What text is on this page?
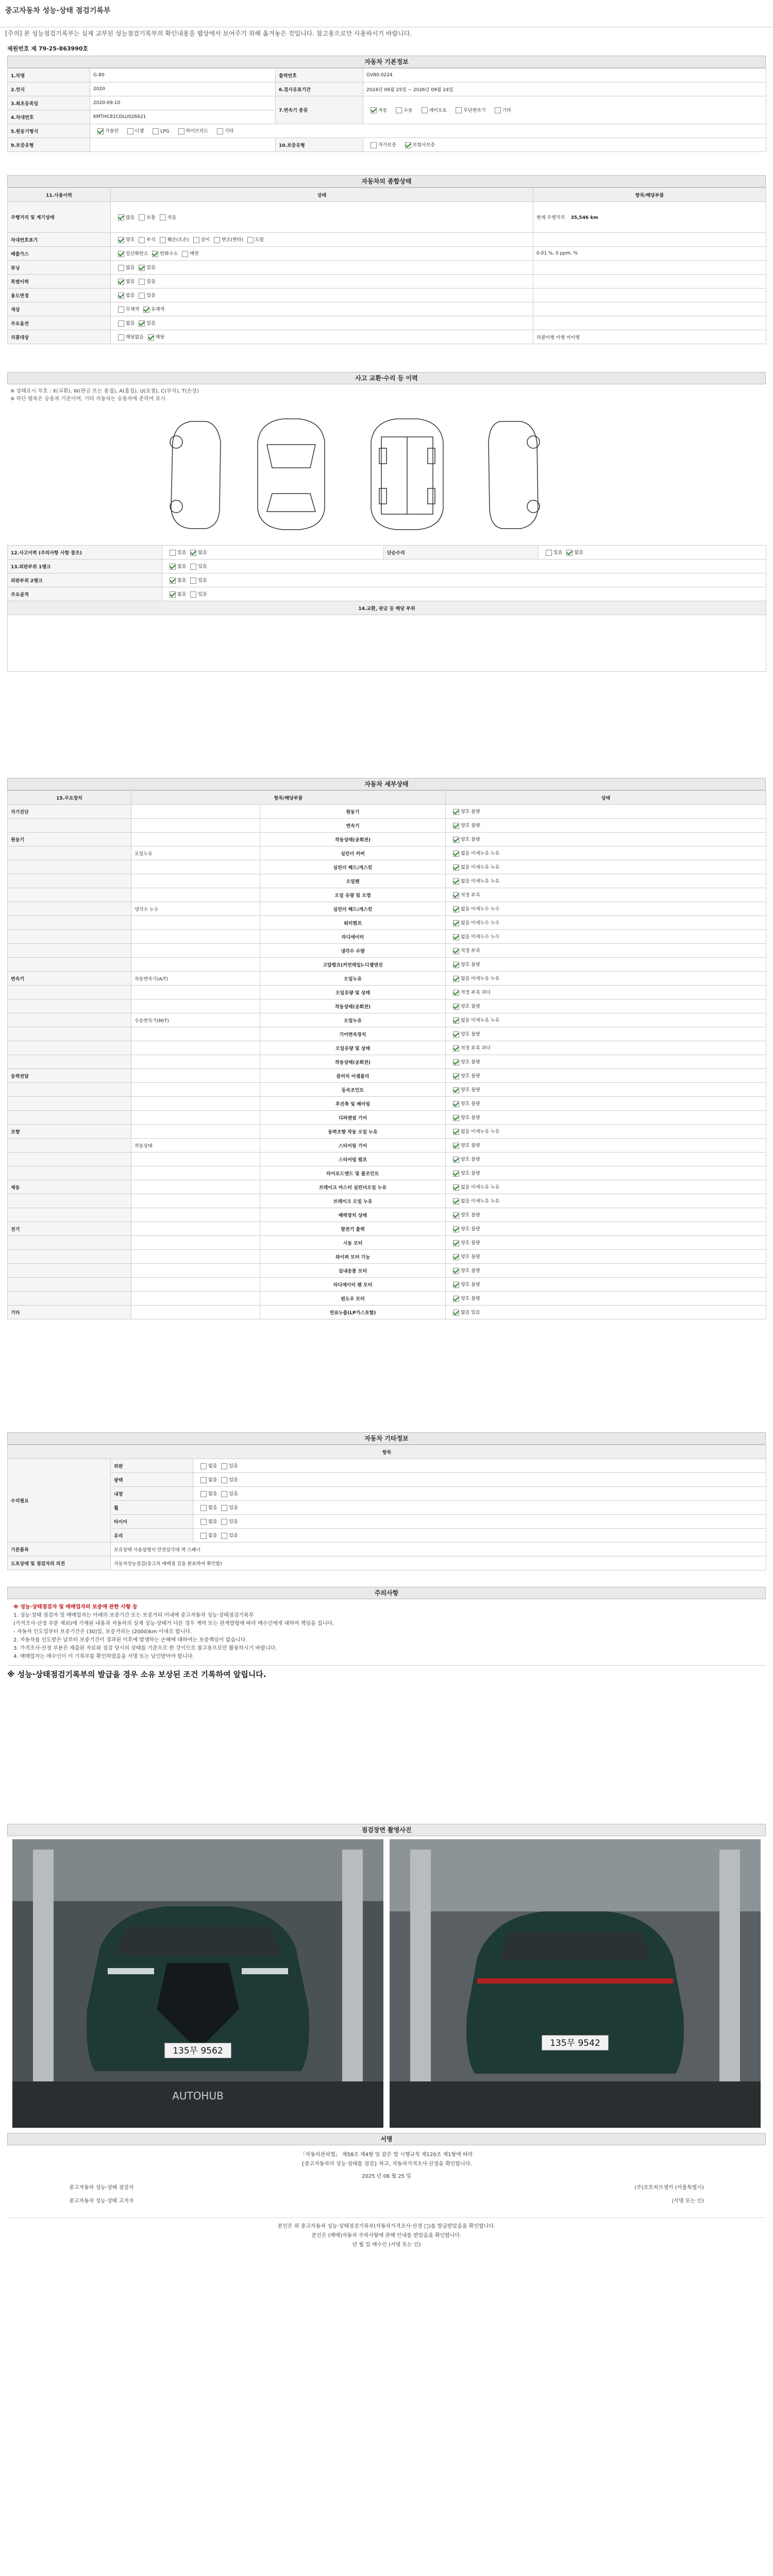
중고자동차 성능·상태 점검기록부
[주의] 본 성능점검기록부는 실제 교부된 성능점검기록부의 확인내용을 웹상에서 보여주기 위해 옮겨놓은 것입니다. 참고용으로만 사용하시기 바랍니다.
제원번호 제 79-25-863990호
자동차 기본정보
1.차명	G-80	출력번호	GV80-0224
2.연식	2020	6.검사유효기간	2024년 09월 25일 ~ 2026년 09월 24일
3.최초등록일	2020-09-10	7.변속기 종류	자동 수동 세미오토 무단변속기 기타
4.차대번호	KMTHC81CDLU026621		
5.원동기형식	가솔린 디젤 LPG 하이브리드 기타		
9.보증유형		10.보증유형	자가보증 보험사보증
자동차의 종합상태
11.사용이력	상태	항목/해당부품
주행거리 및 계기상태	많음 보통 적음	현재 주행거리 35,546 km
차대번호표기	양호 부식 훼손(오손) 상이 변조(변타) 도말	
배출가스	일산화탄소 탄화수소 매연	0.01 %, 0 ppm, %
튜닝	없음 있음	
특별이력	없음 있음	
용도변경	없음 있음	
색상	무채색 유채색	
주요옵션	없음 있음	
리콜대상	해당없음 해당	리콜이행 이행 미이행
사고 교환·수리 등 이력
※ 상태표시 부호 : X(교환), W(판금 또는 용접), A(흠집), U(요철), C(부식), T(손상)
※ 하단 항목은 승용차 기준이며, 기타 자동차는 승용차에 준하여 표시
12.사고이력 (주의사항 사항 참조)	있음 없음	단순수리	있음 없음
13.외판부위 1랭크	없음 있음		
외판부위 2랭크	없음 있음		
주요골격	없음 있음		
14.교환, 판금 등 해당 부위			

자동차 세부상태
15.주요장치	항목/해당부품		상태
자기진단		원동기	양호 불량
		변속기	양호 불량
원동기		작동상태(공회전)	양호 불량
	오일누유	실린더 커버	없음 미세누유 누유
		실린더 헤드/개스킷	없음 미세누유 누유
		오일팬	없음 미세누유 누유
		오일 유량 및 오염	적정 부족
	냉각수 누수	실린더 헤드/개스킷	없음 미세누수 누수
		워터펌프	없음 미세누수 누수
		라디에이터	없음 미세누수 누수
		냉각수 수량	적정 부족
		고압펌프(커먼레일)-디젤엔진	양호 불량
변속기	자동변속기(A/T)	오일누유	없음 미세누유 누유
		오일유량 및 상태	적정 부족 과다
		작동상태(공회전)	양호 불량
	수동변속기(M/T)	오일누유	없음 미세누유 누유
		기어변속장치	양호 불량
		오일유량 및 상태	적정 부족 과다
		작동상태(공회전)	양호 불량
동력전달		클러치 어셈블리	양호 불량
		등속조인트	양호 불량
		추진축 및 베어링	양호 불량
		디퍼렌셜 기어	양호 불량
조향		동력조향 작동 오일 누유	없음 미세누유 누유
	작동상태	스티어링 기어	양호 불량
		스티어링 펌프	양호 불량
		타이로드엔드 및 볼조인트	양호 불량
제동		브레이크 마스터 실린더오일 누유	없음 미세누유 누유
		브레이크 오일 누유	없음 미세누유 누유
		배력장치 상태	양호 불량
전기		발전기 출력	양호 불량
		시동 모터	양호 불량
		와이퍼 모터 기능	양호 불량
		실내송풍 모터	양호 불량
		라디에이터 팬 모터	양호 불량
		윈도우 모터	양호 불량
기타		연료누출(LP가스포함)	없음 있음
자동차 기타정보
항목		
수리필요	외판	없음 있음
	광택	없음 있음
	내장	없음 있음
	휠	없음 있음
	타이어	없음 있음
	유리	없음 있음
기본품목	보유상태 사용설명서 안전삼각대 잭 스패너	
도포상태 및 점검자의 의견	자동차성능점검(중고차 매매점 검을 완료하여 확인함)	
주의사항
※ 성능·상태점검자 및 매매업자의 보증에 관한 사항 등
1. 성능·상태 점검자 및 매매업자는 아래의 보증기간 또는 보증거리 이내에 중고자동차 성능·상태점검기록부
(가격조사·산정 부분 제외)에 기재된 내용과 자동차의 실제 성능·상태가 다른 경우 계약 또는 관계법령에 따라 매수인에게 대하여 책임을 집니다.
- 자동차 인도일부터 보증기간은 (30)일, 보증거리는 (2000)km 이내로 합니다.
2. 자동차를 인도받은 날부터 보증기간이 경과된 이후에 발생하는 손해에 대하여는 보증책임이 없습니다.
3. 가격조사·산정 부분은 제출된 자료와 점검 당시의 상태를 기준으로 한 것이므로 참고용으로만 활용하시기 바랍니다.
4. 매매업자는 매수인이 이 기록부를 확인하였음을 서명 또는 날인받아야 합니다.
※ 성능·상태점검기록부의 발급을 경우 소유 보상된 조건 기록하여 알립니다.
점검장면 촬영사진
135무 9562
AUTOHUB
135무 9542
서명
「자동차관리법」 제58조 제4항 및 같은 법 시행규칙 제120조 제1항에 따라
{중고자동차의 성능·상태를 점검} 하고, 자동차가격조사·산정을 확인합니다.
2025 년 06 월 25 일
중고자동차 성능·상태 점검자	(주)오토허브셀카 (서울특별시)
중고자동차 성능·상태 고지자	(서명 또는 인)
본인은 위 중고자동차 성능·상태점검기록부(자동차가격조사·산정 □)를 발급받았음을 확인합니다.
본인은 (매매)자동차 주차사항에 관해 안내를 받았음을 확인합니다.
년 월 일 매수인 (서명 또는 인)
